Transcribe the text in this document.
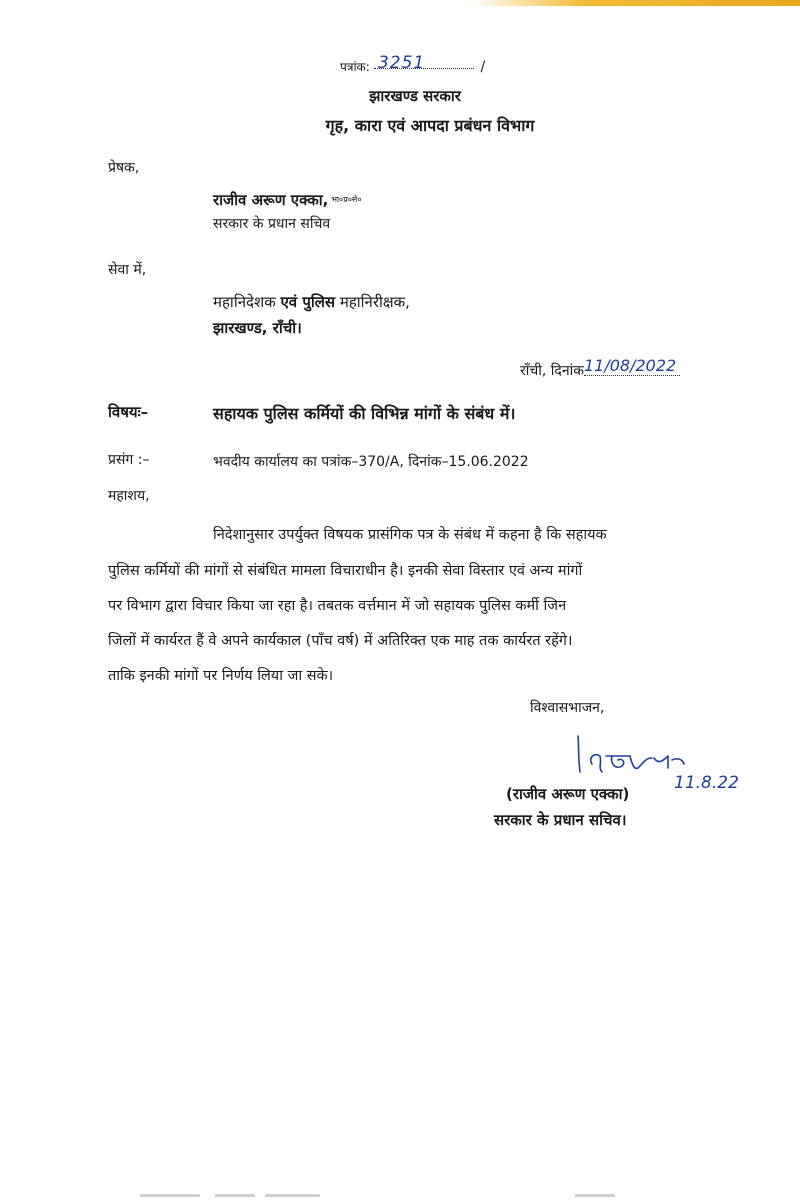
पत्रांक: 3251	/
झारखण्ड सरकार
गृह, कारा एवं आपदा प्रबंधन विभाग
प्रेषक,
राजीव अरूण एक्का, $^{भा०प्र०से०}$
सरकार के प्रधान सचिव
सेवा में,
महानिदेशक एवं पुलिस महानिरीक्षक,
झारखण्ड, राँची।
राँची, दिनांक11/08/2022
विषयः–	सहायक पुलिस कर्मियों की विभिन्न मांगों के संबंध में।
प्रसंग :–	भवदीय कार्यालय का पत्रांक–370/A, दिनांक–15.06.2022
महाशय,
निदेशानुसार उपर्युक्त विषयक प्रासंगिक पत्र के संबंध में कहना है कि सहायक
पुलिस कर्मियों की मांगों से संबंधित मामला विचाराधीन है। इनकी सेवा विस्तार एवं अन्य मांगों
पर विभाग द्वारा विचार किया जा रहा है। तबतक वर्त्तमान में जो सहायक पुलिस कर्मी जिन
जिलों में कार्यरत हैं वे अपने कार्यकाल (पाँच वर्ष) में अतिरिक्त एक माह तक कार्यरत रहेंगे।
ताकि इनकी मांगों पर निर्णय लिया जा सके।
विश्वासभाजन,
11.8.22
(राजीव अरूण एक्का)
सरकार के प्रधान सचिव।
